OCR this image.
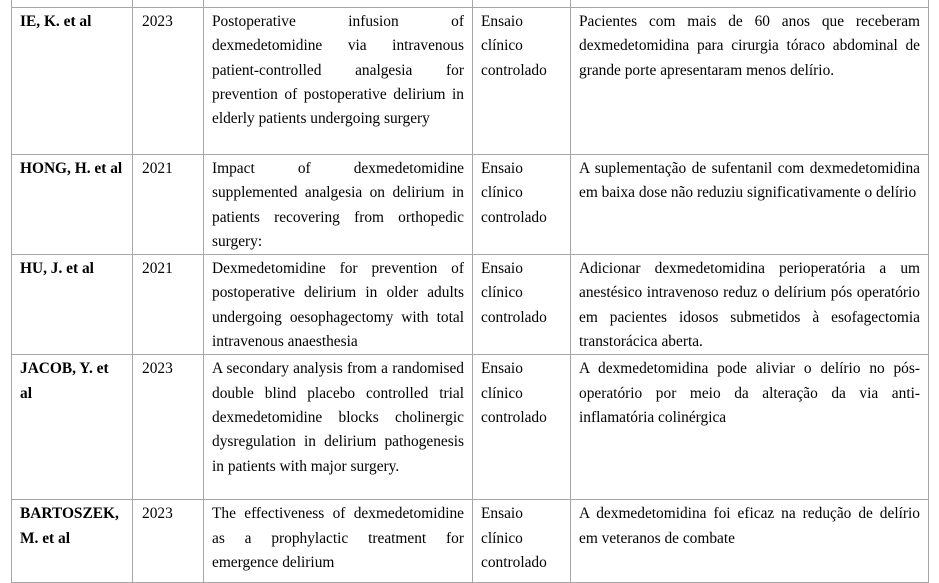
IE, K. et al	2023	Postoperative infusion of dexmedetomidine via intravenous patient-controlled analgesia for prevention of postoperative delirium in elderly patients undergoing surgery	Ensaio clínico controlado	Pacientes com mais de 60 anos que receberam dexmedetomidina para cirurgia tóraco abdominal de grande porte apresentaram menos delírio.
HONG, H. et al	2021	Impact of dexmedetomidine supplemented analgesia on delirium in patients recovering from orthopedic surgery:	Ensaio clínico controlado	A suplementação de sufentanil com dexmedetomidina em baixa dose não reduziu significativamente o delírio
HU, J. et al	2021	Dexmedetomidine for prevention of postoperative delirium in older adults undergoing oesophagectomy with total intravenous anaesthesia	Ensaio clínico controlado	Adicionar dexmedetomidina perioperatória a um anestésico intravenoso reduz o delírium pós operatório em pacientes idosos submetidos à esofagectomia transtorácica aberta.
JACOB, Y. et al	2023	A secondary analysis from a randomised double blind placebo controlled trial dexmedetomidine blocks cholinergic dysregulation in delirium pathogenesis in patients with major surgery.	Ensaio clínico controlado	A dexmedetomidina pode aliviar o delírio no pós-operatório por meio da alteração da via anti-inflamatória colinérgica
BARTOSZEK, M. et al	2023	The effectiveness of dexmedetomidine as a prophylactic treatment for emergence delirium	Ensaio clínico controlado	A dexmedetomidina foi eficaz na redução de delírio em veteranos de combate
